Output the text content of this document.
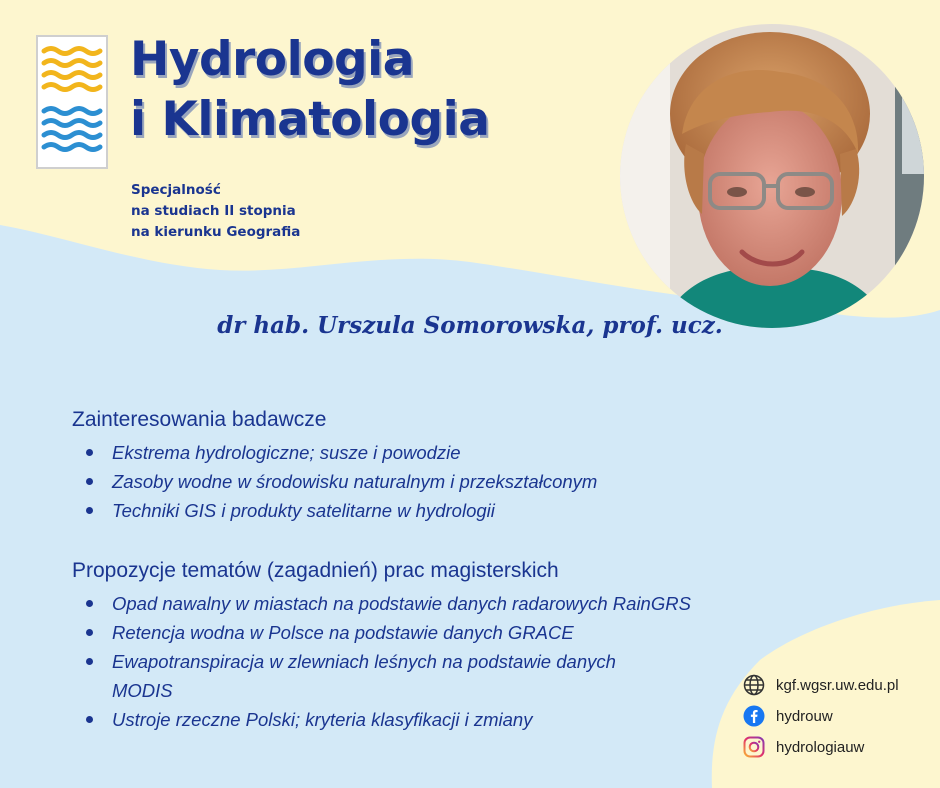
Hydrologia
i Klimatologia
Specjalność
na studiach II stopnia
na kierunku Geografia
dr hab. Urszula Somorowska, prof. ucz.
Zainteresowania badawcze
Ekstrema hydrologiczne; susze i powodzie
Zasoby wodne w środowisku naturalnym i przekształconym
Techniki GIS i produkty satelitarne w hydrologii
Propozycje tematów (zagadnień) prac magisterskich
Opad nawalny w miastach na podstawie danych radarowych RainGRS
Retencja wodna w Polsce na podstawie danych GRACE
Ewapotranspiracja w zlewniach leśnych na podstawie danych MODIS
Ustroje rzeczne Polski; kryteria klasyfikacji i zmiany
kgf.wgsr.uw.edu.pl
hydrouw
hydrologiauw
